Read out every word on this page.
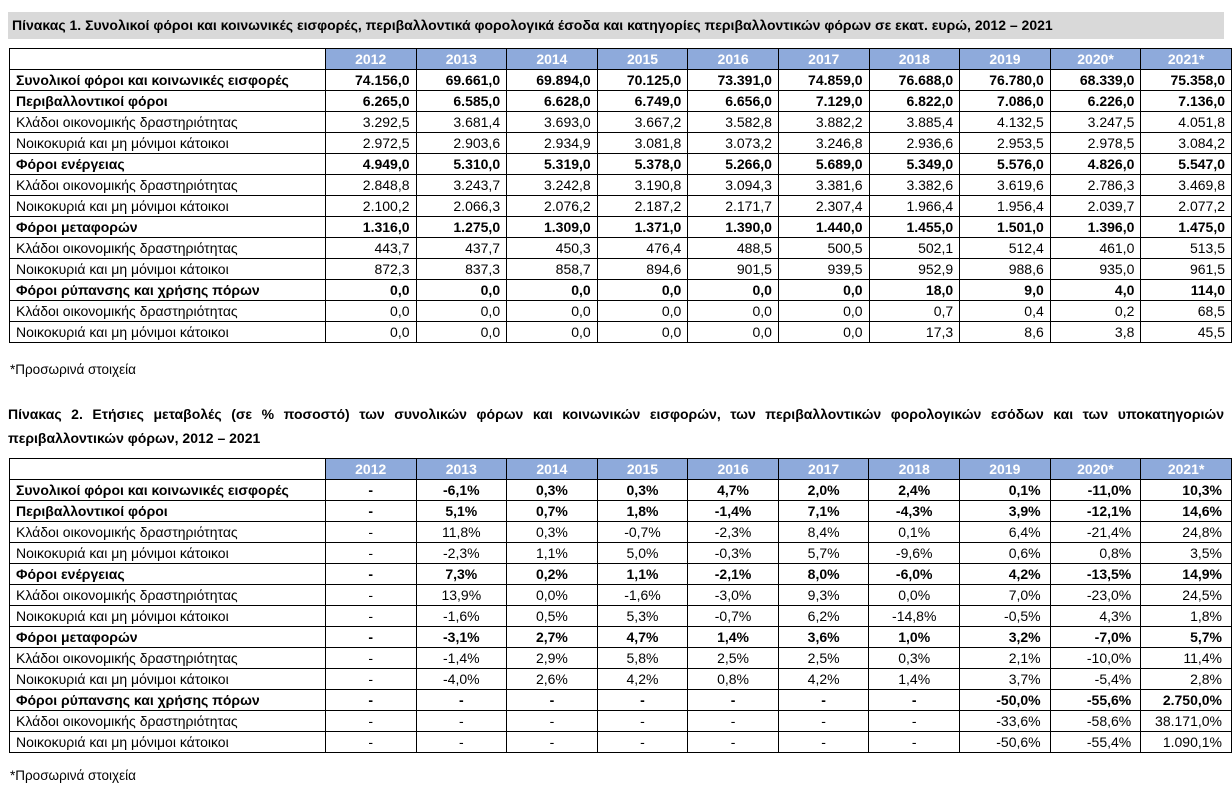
Πίνακας 1. Συνολικοί φόροι και κοινωνικές εισφορές, περιβαλλοντικά φορολογικά έσοδα και κατηγορίες περιβαλλοντικών φόρων σε εκατ. ευρώ, 2012 – 2021
	2012	2013	2014	2015	2016	2017	2018	2019	2020*	2021*
Συνολικοί φόροι και κοινωνικές εισφορές	74.156,0	69.661,0	69.894,0	70.125,0	73.391,0	74.859,0	76.688,0	76.780,0	68.339,0	75.358,0
Περιβαλλοντικοί φόροι	6.265,0	6.585,0	6.628,0	6.749,0	6.656,0	7.129,0	6.822,0	7.086,0	6.226,0	7.136,0
Κλάδοι οικονομικής δραστηριότητας	3.292,5	3.681,4	3.693,0	3.667,2	3.582,8	3.882,2	3.885,4	4.132,5	3.247,5	4.051,8
Νοικοκυριά και μη μόνιμοι κάτοικοι	2.972,5	2.903,6	2.934,9	3.081,8	3.073,2	3.246,8	2.936,6	2.953,5	2.978,5	3.084,2
Φόροι ενέργειας	4.949,0	5.310,0	5.319,0	5.378,0	5.266,0	5.689,0	5.349,0	5.576,0	4.826,0	5.547,0
Κλάδοι οικονομικής δραστηριότητας	2.848,8	3.243,7	3.242,8	3.190,8	3.094,3	3.381,6	3.382,6	3.619,6	2.786,3	3.469,8
Νοικοκυριά και μη μόνιμοι κάτοικοι	2.100,2	2.066,3	2.076,2	2.187,2	2.171,7	2.307,4	1.966,4	1.956,4	2.039,7	2.077,2
Φόροι μεταφορών	1.316,0	1.275,0	1.309,0	1.371,0	1.390,0	1.440,0	1.455,0	1.501,0	1.396,0	1.475,0
Κλάδοι οικονομικής δραστηριότητας	443,7	437,7	450,3	476,4	488,5	500,5	502,1	512,4	461,0	513,5
Νοικοκυριά και μη μόνιμοι κάτοικοι	872,3	837,3	858,7	894,6	901,5	939,5	952,9	988,6	935,0	961,5
Φόροι ρύπανσης και χρήσης πόρων	0,0	0,0	0,0	0,0	0,0	0,0	18,0	9,0	4,0	114,0
Κλάδοι οικονομικής δραστηριότητας	0,0	0,0	0,0	0,0	0,0	0,0	0,7	0,4	0,2	68,5
Νοικοκυριά και μη μόνιμοι κάτοικοι	0,0	0,0	0,0	0,0	0,0	0,0	17,3	8,6	3,8	45,5
*Προσωρινά στοιχεία
Πίνακας 2. Ετήσιες μεταβολές (σε % ποσοστό) των συνολικών φόρων και κοινωνικών εισφορών, των περιβαλλοντικών φορολογικών εσόδων και των υποκατηγοριών περιβαλλοντικών φόρων, 2012 – 2021
	2012	2013	2014	2015	2016	2017	2018	2019	2020*	2021*
Συνολικοί φόροι και κοινωνικές εισφορές	-	-6,1%	0,3%	0,3%	4,7%	2,0%	2,4%	0,1%	-11,0%	10,3%
Περιβαλλοντικοί φόροι	-	5,1%	0,7%	1,8%	-1,4%	7,1%	-4,3%	3,9%	-12,1%	14,6%
Κλάδοι οικονομικής δραστηριότητας	-	11,8%	0,3%	-0,7%	-2,3%	8,4%	0,1%	6,4%	-21,4%	24,8%
Νοικοκυριά και μη μόνιμοι κάτοικοι	-	-2,3%	1,1%	5,0%	-0,3%	5,7%	-9,6%	0,6%	0,8%	3,5%
Φόροι ενέργειας	-	7,3%	0,2%	1,1%	-2,1%	8,0%	-6,0%	4,2%	-13,5%	14,9%
Κλάδοι οικονομικής δραστηριότητας	-	13,9%	0,0%	-1,6%	-3,0%	9,3%	0,0%	7,0%	-23,0%	24,5%
Νοικοκυριά και μη μόνιμοι κάτοικοι	-	-1,6%	0,5%	5,3%	-0,7%	6,2%	-14,8%	-0,5%	4,3%	1,8%
Φόροι μεταφορών	-	-3,1%	2,7%	4,7%	1,4%	3,6%	1,0%	3,2%	-7,0%	5,7%
Κλάδοι οικονομικής δραστηριότητας	-	-1,4%	2,9%	5,8%	2,5%	2,5%	0,3%	2,1%	-10,0%	11,4%
Νοικοκυριά και μη μόνιμοι κάτοικοι	-	-4,0%	2,6%	4,2%	0,8%	4,2%	1,4%	3,7%	-5,4%	2,8%
Φόροι ρύπανσης και χρήσης πόρων	-	-	-	-	-	-	-	-50,0%	-55,6%	2.750,0%
Κλάδοι οικονομικής δραστηριότητας	-	-	-	-	-	-	-	-33,6%	-58,6%	38.171,0%
Νοικοκυριά και μη μόνιμοι κάτοικοι	-	-	-	-	-	-	-	-50,6%	-55,4%	1.090,1%
*Προσωρινά στοιχεία
